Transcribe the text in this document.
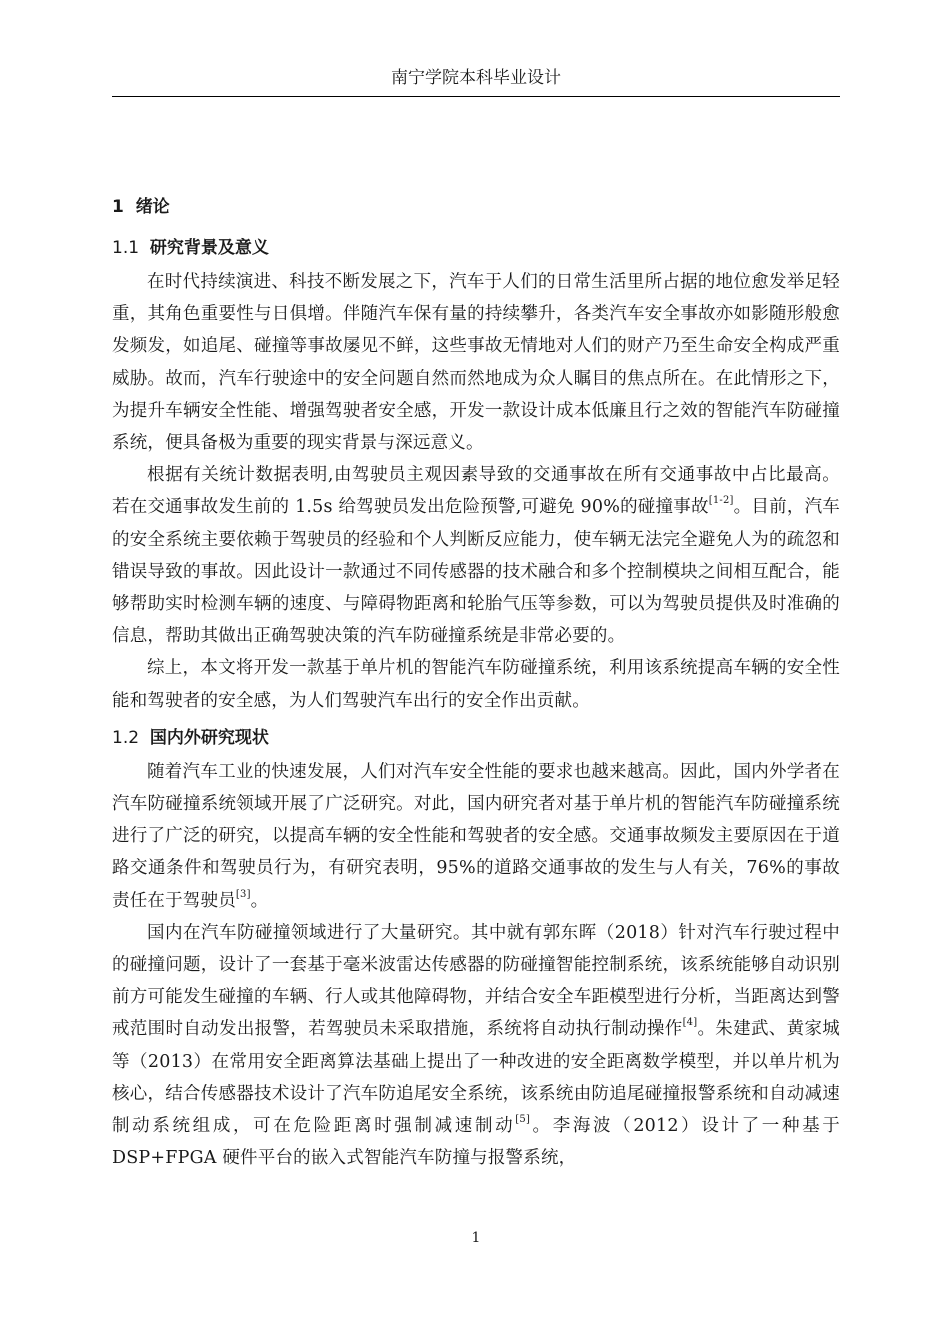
南宁学院本科毕业设计
1 绪论
1.1 研究背景及意义

在时代持续演进、科技不断发展之下，汽车于人们的日常生活里所占据的地位愈发举足轻重，其角色重要性与日俱增。伴随汽车保有量的持续攀升，各类汽车安全事故亦如影随形般愈发频发，如追尾、碰撞等事故屡见不鲜，这些事故无情地对人们的财产乃至生命安全构成严重威胁。故而，汽车行驶途中的安全问题自然而然地成为众人瞩目的焦点所在。在此情形之下，为提升车辆安全性能、增强驾驶者安全感，开发一款设计成本低廉且行之效的智能汽车防碰撞系统，便具备极为重要的现实背景与深远意义。

根据有关统计数据表明,由驾驶员主观因素导致的交通事故在所有交通事故中占比最高。若在交通事故发生前的 1.5s 给驾驶员发出危险预警,可避免 90%的碰撞事故[1-2]。目前，汽车的安全系统主要依赖于驾驶员的经验和个人判断反应能力，使车辆无法完全避免人为的疏忽和错误导致的事故。因此设计一款通过不同传感器的技术融合和多个控制模块之间相互配合，能够帮助实时检测车辆的速度、与障碍物距离和轮胎气压等参数，可以为驾驶员提供及时准确的信息，帮助其做出正确驾驶决策的汽车防碰撞系统是非常必要的。

综上，本文将开发一款基于单片机的智能汽车防碰撞系统，利用该系统提高车辆的安全性能和驾驶者的安全感，为人们驾驶汽车出行的安全作出贡献。

1.2 国内外研究现状

随着汽车工业的快速发展，人们对汽车安全性能的要求也越来越高。因此，国内外学者在汽车防碰撞系统领域开展了广泛研究。对此，国内研究者对基于单片机的智能汽车防碰撞系统进行了广泛的研究，以提高车辆的安全性能和驾驶者的安全感。交通事故频发主要原因在于道路交通条件和驾驶员行为，有研究表明，95%的道路交通事故的发生与人有关，76%的事故责任在于驾驶员[3]。

国内在汽车防碰撞领域进行了大量研究。其中就有郭东晖（2018）针对汽车行驶过程中的碰撞问题，设计了一套基于毫米波雷达传感器的防碰撞智能控制系统，该系统能够自动识别前方可能发生碰撞的车辆、行人或其他障碍物，并结合安全车距模型进行分析，当距离达到警戒范围时自动发出报警，若驾驶员未采取措施，系统将自动执行制动操作[4]。朱建武、黄家城等（2013）在常用安全距离算法基础上提出了一种改进的安全距离数学模型，并以单片机为核心，结合传感器技术设计了汽车防追尾安全系统，该系统由防追尾碰撞报警系统和自动减速制动系统组成，可在危险距离时强制减速制动[5]。李海波（2012）设计了一种基于 DSP+FPGA 硬件平台的嵌入式智能汽车防撞与报警系统，

1
